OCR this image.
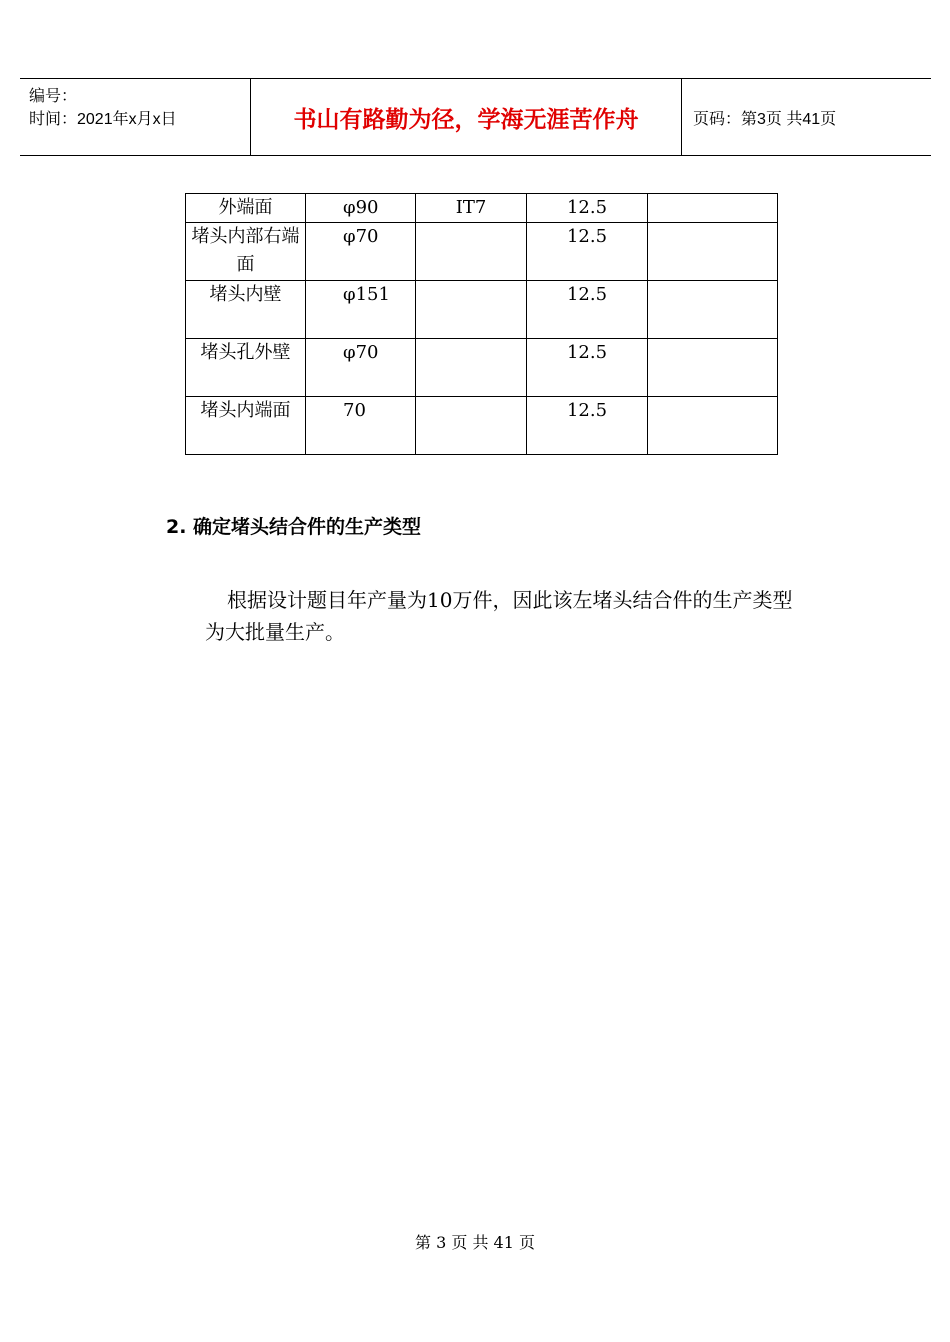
编号：
时间：2021年x月x日	书山有路勤为径，学海无涯苦作舟	页码：第3页 共41页
外端面	φ90	IT7	12.5	
堵头内部右端面	φ70		12.5	
堵头内壁	φ151		12.5	
堵头孔外壁	φ70		12.5	
堵头内端面	70		12.5	
2. 确定堵头结合件的生产类型
根据设计题目年产量为10万件，因此该左堵头结合件的生产类型为大批量生产。
第 3 页 共 41 页
